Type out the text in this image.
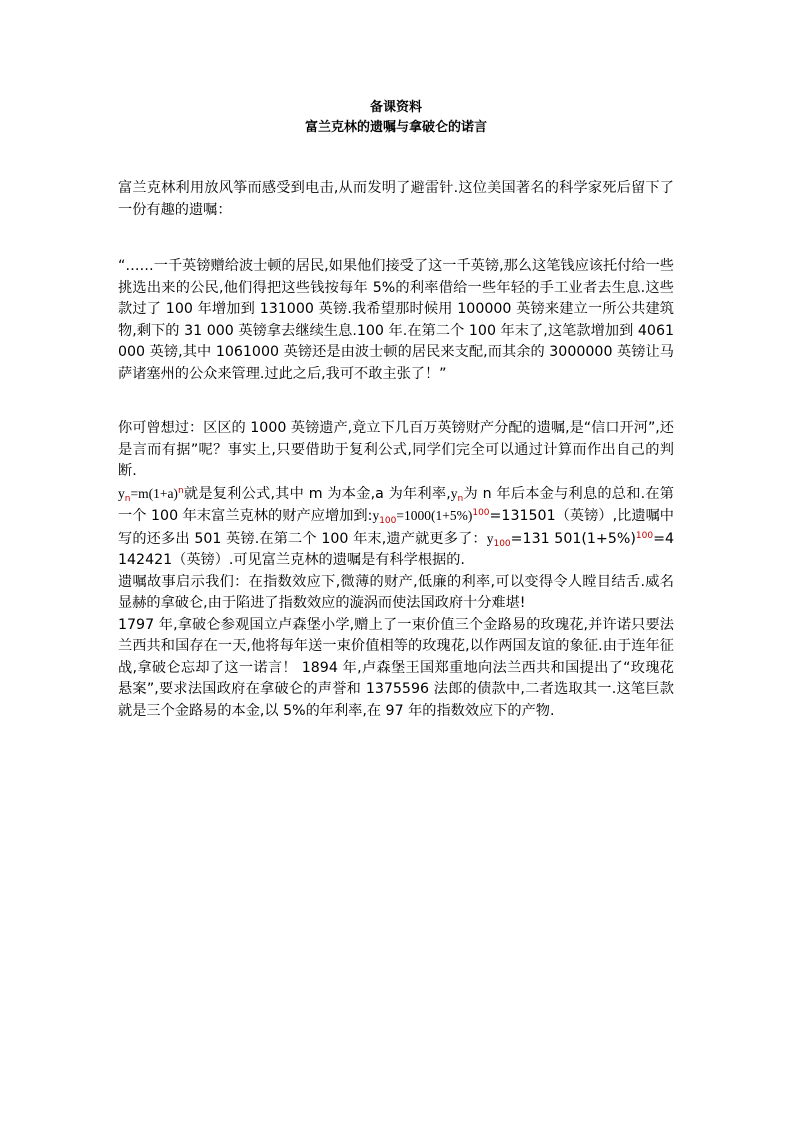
备课资料
富兰克林的遗嘱与拿破仑的诺言

富兰克林利用放风筝而感受到电击,从而发明了避雷针.这位美国著名的科学家死后留下了一份有趣的遗嘱：

“……一千英镑赠给波士顿的居民,如果他们接受了这一千英镑,那么这笔钱应该托付给一些挑选出来的公民,他们得把这些钱按每年 5%的利率借给一些年轻的手工业者去生息.这些款过了 100 年增加到 131000 英镑.我希望那时候用 100000 英镑来建立一所公共建筑物,剩下的 31 000 英镑拿去继续生息.100 年.在第二个 100 年末了,这笔款增加到 4061000 英镑,其中 1061000 英镑还是由波士顿的居民来支配,而其余的 3000000 英镑让马萨诸塞州的公众来管理.过此之后,我可不敢主张了！”

你可曾想过：区区的 1000 英镑遗产,竟立下几百万英镑财产分配的遗嘱,是“信口开河”,还是言而有据”呢？事实上,只要借助于复利公式,同学们完全可以通过计算而作出自己的判断.

$y_n=m(1+a)^n$就是复利公式,其中 m 为本金,a 为年利率$,y_n$为 n 年后本金与利息的总和.在第一个 100 年末富兰克林的财产应增加到$:y_{100}=1000(1+5\%)^{100}=131501$（英镑）,比遗嘱中写的还多出 501 英镑.在第二个 100 年末,遗产就更多了：$y_{100}=131$ $501(1+5\%)^{100}=4142421$（英镑）.可见富兰克林的遗嘱是有科学根据的.

遗嘱故事启示我们：在指数效应下,微薄的财产,低廉的利率,可以变得令人瞠目结舌.威名显赫的拿破仑,由于陷进了指数效应的漩涡而使法国政府十分难堪!

1797 年,拿破仑参观国立卢森堡小学,赠上了一束价值三个金路易的玫瑰花,并许诺只要法兰西共和国存在一天,他将每年送一束价值相等的玫瑰花,以作两国友谊的象征.由于连年征战,拿破仑忘却了这一诺言！ 1894 年,卢森堡王国郑重地向法兰西共和国提出了“玫瑰花悬案”,要求法国政府在拿破仑的声誉和 1375596 法郎的债款中,二者选取其一.这笔巨款就是三个金路易的本金,以 5%的年利率,在 97 年的指数效应下的产物.
